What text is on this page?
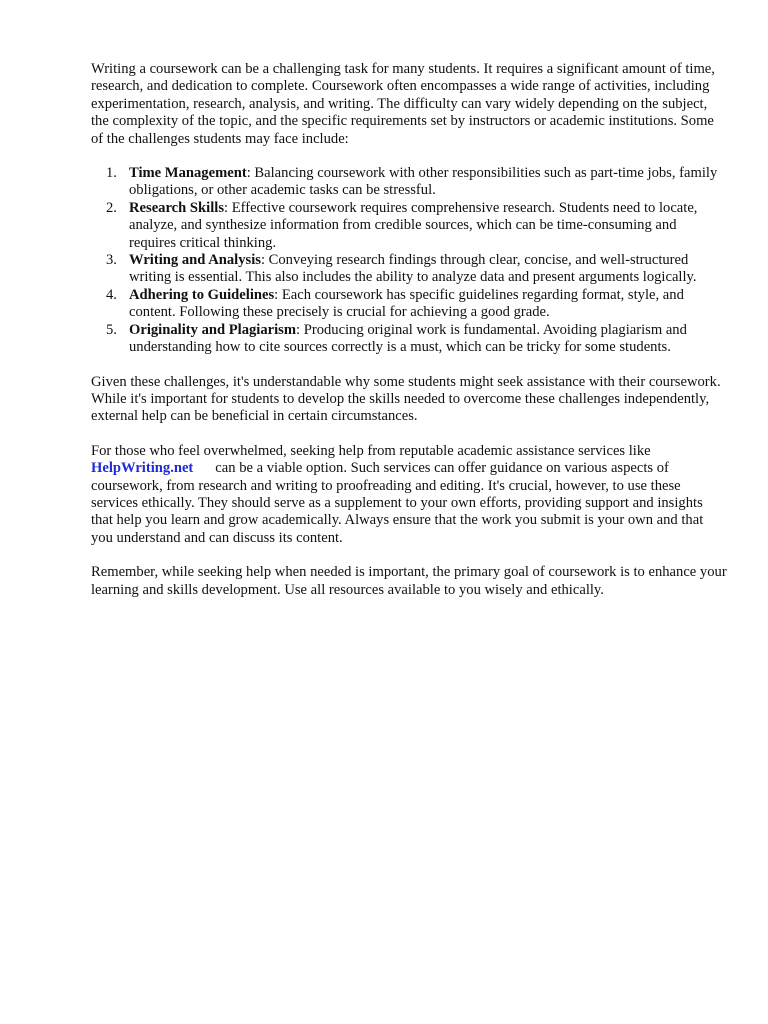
Writing a coursework can be a challenging task for many students. It requires a significant amount of time, research, and dedication to complete. Coursework often encompasses a wide range of activities, including experimentation, research, analysis, and writing. The difficulty can vary widely depending on the subject, the complexity of the topic, and the specific requirements set by instructors or academic institutions. Some of the challenges students may face include:

1. Time Management: Balancing coursework with other responsibilities such as part-time jobs, family obligations, or other academic tasks can be stressful.
2. Research Skills: Effective coursework requires comprehensive research. Students need to locate, analyze, and synthesize information from credible sources, which can be time-consuming and requires critical thinking.
3. Writing and Analysis: Conveying research findings through clear, concise, and well-structured writing is essential. This also includes the ability to analyze data and present arguments logically.
4. Adhering to Guidelines: Each coursework has specific guidelines regarding format, style, and content. Following these precisely is crucial for achieving a good grade.
5. Originality and Plagiarism: Producing original work is fundamental. Avoiding plagiarism and understanding how to cite sources correctly is a must, which can be tricky for some students.

Given these challenges, it's understandable why some students might seek assistance with their coursework. While it's important for students to develop the skills needed to overcome these challenges independently, external help can be beneficial in certain circumstances.

For those who feel overwhelmed, seeking help from reputable academic assistance services like HelpWriting.net can be a viable option. Such services can offer guidance on various aspects of coursework, from research and writing to proofreading and editing. It's crucial, however, to use these services ethically. They should serve as a supplement to your own efforts, providing support and insights that help you learn and grow academically. Always ensure that the work you submit is your own and that you understand and can discuss its content.

Remember, while seeking help when needed is important, the primary goal of coursework is to enhance your learning and skills development. Use all resources available to you wisely and ethically.
